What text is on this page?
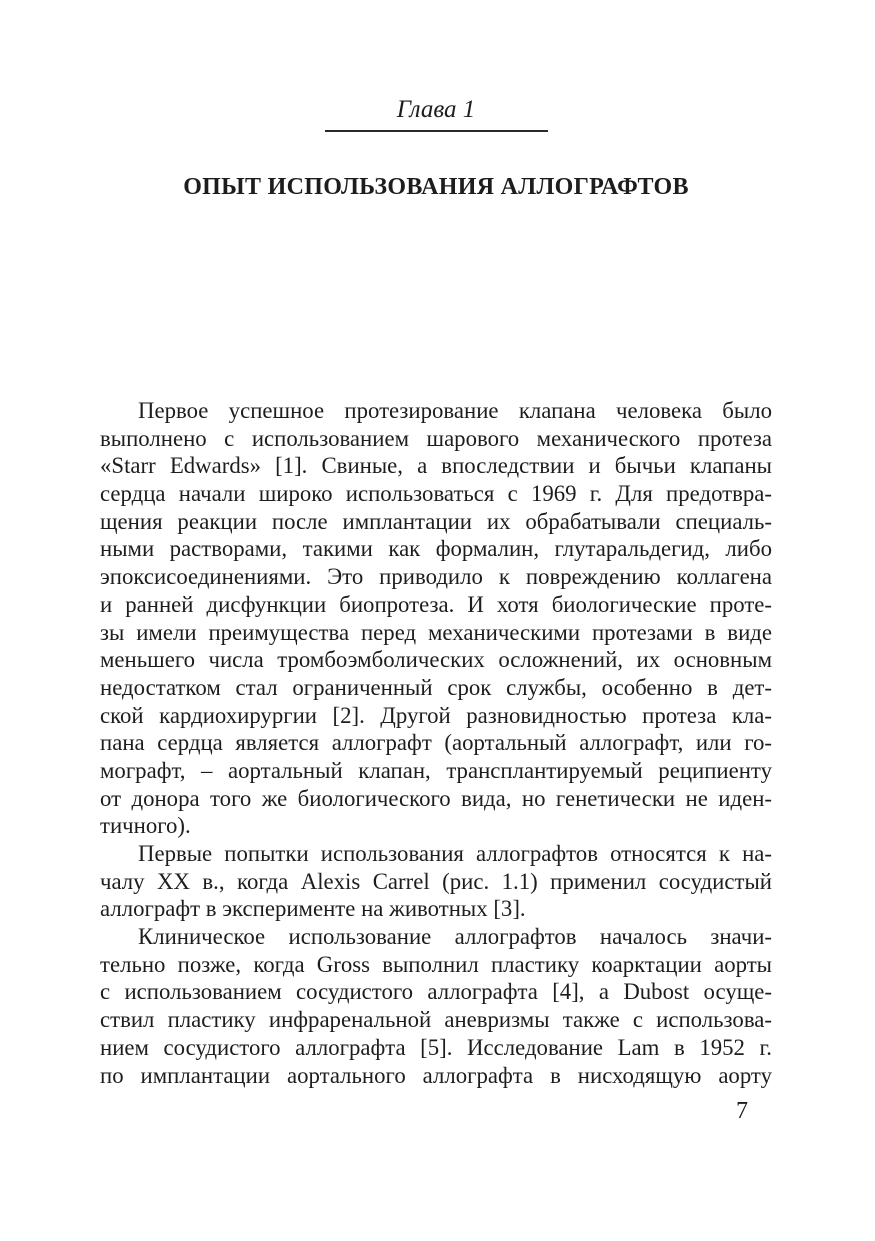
Глава 1
ОПЫТ ИСПОЛЬЗОВАНИЯ АЛЛОГРАФТОВ
Первое успешное протезирование клапана человека было
выполнено с использованием шарового механического протеза
«Starr Edwards» [1]. Свиные, а впоследствии и бычьи клапаны
сердца начали широко использоваться с 1969 г. Для предотвра-
щения реакции после имплантации их обрабатывали специаль-
ными растворами, такими как формалин, глутаральдегид, либо
эпоксисоединениями. Это приводило к повреждению коллагена
и ранней дисфункции биопротеза. И хотя биологические проте-
зы имели преимущества перед механическими протезами в виде
меньшего числа тромбоэмболических осложнений, их основным
недостатком стал ограниченный срок службы, особенно в дет-
ской кардиохирургии [2]. Другой разновидностью протеза кла-
пана сердца является аллографт (аортальный аллографт, или го-
мографт, – аортальный клапан, трансплантируемый реципиенту
от донора того же биологического вида, но генетически не иден-
тичного).
Первые попытки использования аллографтов относятся к на-
чалу XX в., когда Alexis Carrel (рис. 1.1) применил сосудистый
аллографт в эксперименте на животных [3].
Клиническое использование аллографтов началось значи-
тельно позже, когда Gross выполнил пластику коарктации аорты
с использованием сосудистого аллографта [4], а Dubost осуще-
ствил пластику инфраренальной аневризмы также с использова-
нием сосудистого аллографта [5]. Исследование Lam в 1952 г.
по имплантации аортального аллографта в нисходящую аорту
7
